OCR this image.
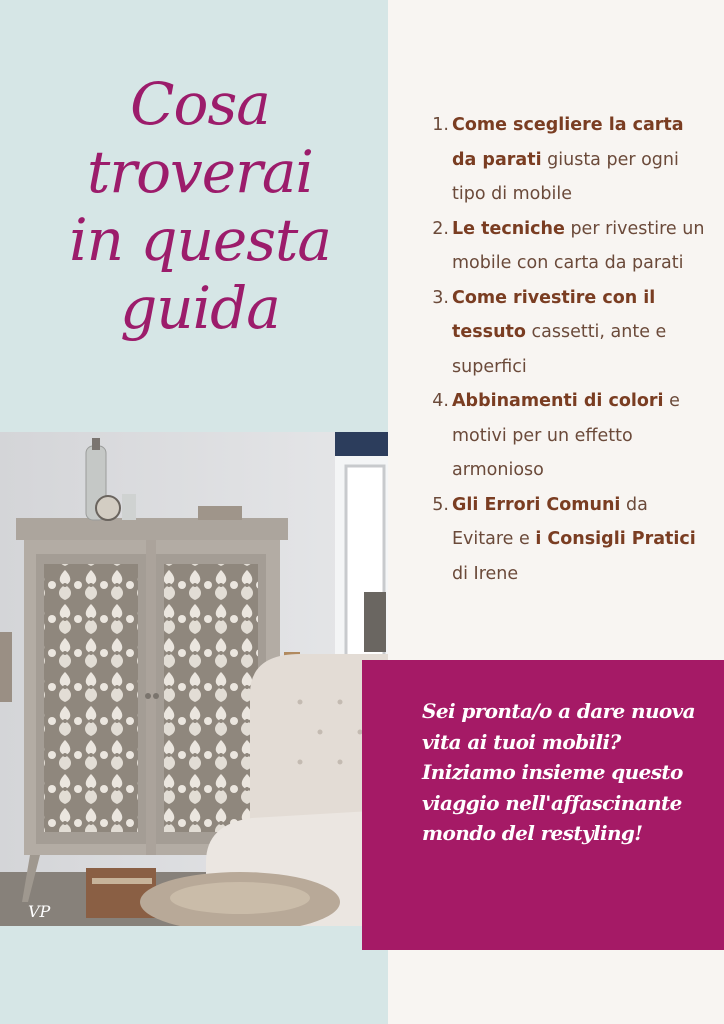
Cosa
troverai
in questa
guida
1. Come scegliere la carta da parati giusta per ogni tipo di mobile
2. Le tecniche per rivestire un mobile con carta da parati
3. Come rivestire con il tessuto cassetti, ante e superfici
4. Abbinamenti di colori e motivi per un effetto armonioso
5. Gli Errori Comuni da Evitare e i Consigli Pratici di Irene
VP

Sei pronta/o a dare nuova vita ai tuoi mobili? Iniziamo insieme questo viaggio nell'affascinante mondo del restyling!
